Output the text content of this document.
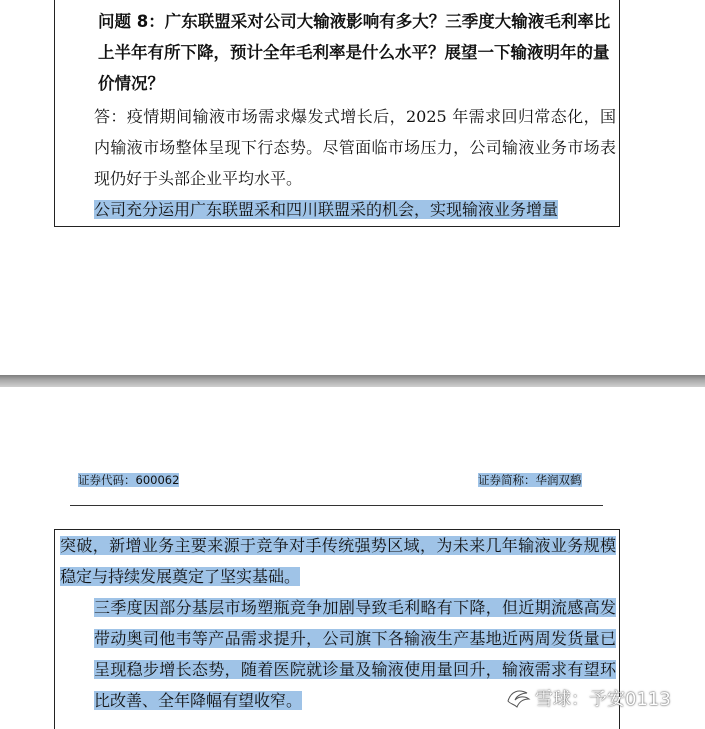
问题 8：广东联盟采对公司大输液影响有多大？三季度大输液毛利率比上半年有所下降，预计全年毛利率是什么水平？展望一下输液明年的量价情况？
答：疫情期间输液市场需求爆发式增长后，2025 年需求回归常态化，国内输液市场整体呈现下行态势。尽管面临市场压力，公司输液业务市场表现仍好于头部企业平均水平。
公司充分运用广东联盟采和四川联盟采的机会，实现输液业务增量
证券代码：600062	证券简称：华润双鹤
突破，新增业务主要来源于竞争对手传统强势区域，为未来几年输液业务规模稳定与持续发展奠定了坚实基础。
三季度因部分基层市场塑瓶竞争加剧导致毛利略有下降，但近期流感高发带动奥司他韦等产品需求提升，公司旗下各输液生产基地近两周发货量已呈现稳步增长态势，随着医院就诊量及输液使用量回升，输液需求有望环比改善、全年降幅有望收窄。	雪球：予安0113
